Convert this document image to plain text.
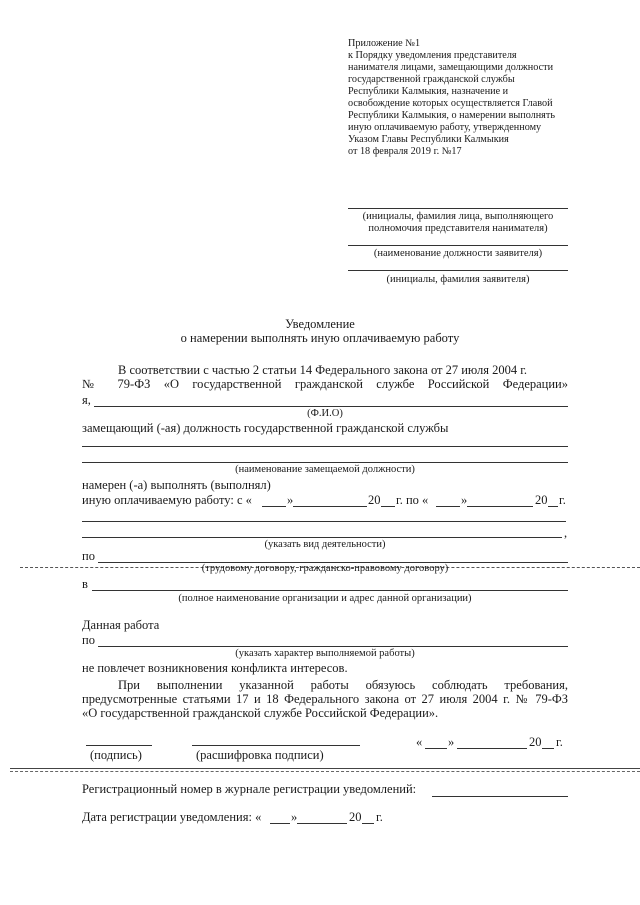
Приложение №1
к Порядку уведомления представителя
нанимателя лицами, замещающими должности
государственной гражданской службы
Республики Калмыкия, назначение и
освобождение которых осуществляется Главой
Республики Калмыкия, о намерении выполнять
иную оплачиваемую работу, утвержденному
Указом Главы Республики Калмыкия
от 18 февраля 2019 г. №17
(инициалы, фамилия лица, выполняющего
полномочия представителя нанимателя)
(наименование должности заявителя)
(инициалы, фамилия заявителя)
Уведомление
о намерении выполнять иную оплачиваемую работу
В соответствии с частью 2 статьи 14 Федерального закона от 27 июля 2004 г.
№ 79-ФЗ «О государственной гражданской службе Российской Федерации»
я,
(Ф.И.О)
замещающий (-ая) должность государственной гражданской службы
(наименование замещаемой должности)
намерен (-а) выполнять (выполнял)
иную оплачиваемую работу: с «	»	20 г. по «	»	20 г.
,
(указать вид деятельности)
по
(трудовому договору, гражданско-правовому договору)
в
(полное наименование организации и адрес данной организации)
Данная работа
по
(указать характер выполняемой работы)
не повлечет возникновения конфликта интересов.
При выполнении указанной работы обязуюсь соблюдать требования,
предусмотренные статьями 17 и 18 Федерального закона от 27 июля 2004 г. № 79-ФЗ
«О государственной гражданской службе Российской Федерации».
(подпись)	(расшифровка подписи)
« »	20 г.
Регистрационный номер в журнале регистрации уведомлений:
Дата регистрации уведомления: « »	20 г.
